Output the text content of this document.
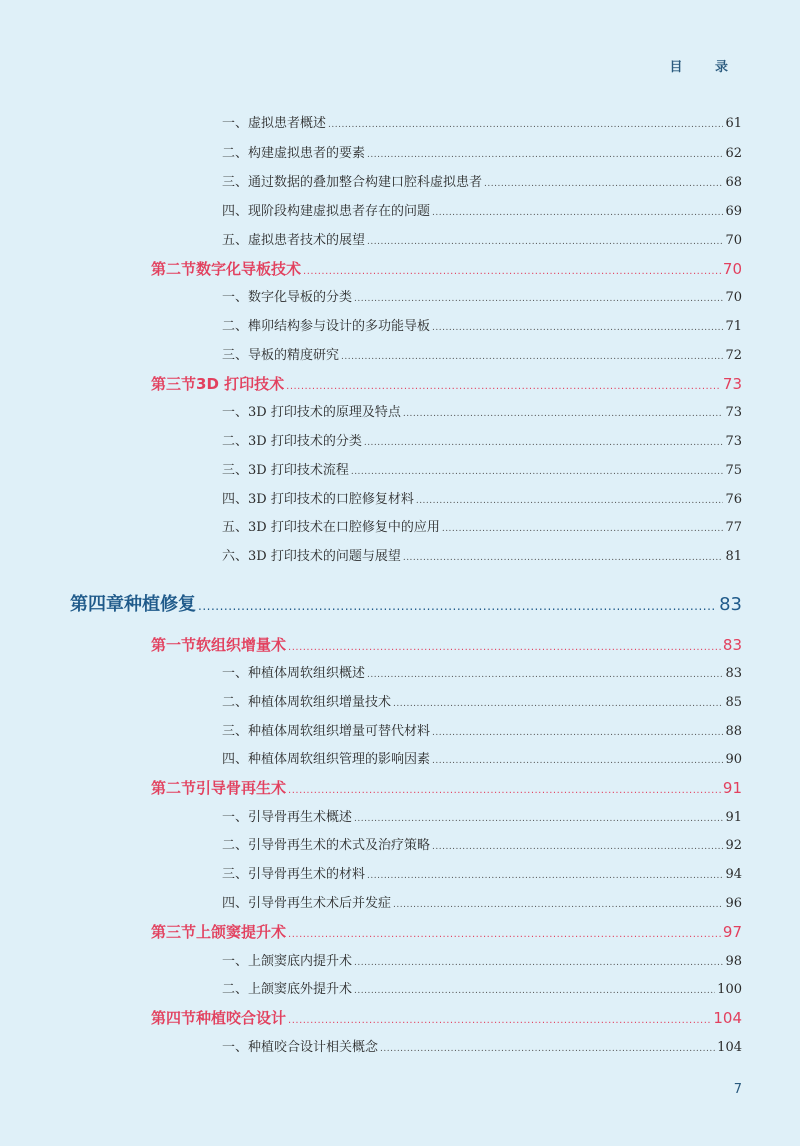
目 录
一、虚拟患者概述 .....	61
二、构建虚拟患者的要素 .....	62
三、通过数据的叠加整合构建口腔科虚拟患者 .....	68
四、现阶段构建虚拟患者存在的问题 .....	69
五、虚拟患者技术的展望 .....	70
第二节 数字化导板技术 .....	70
一、数字化导板的分类 .....	70
二、榫卯结构参与设计的多功能导板 .....	71
三、导板的精度研究 .....	72
第三节 3D 打印技术 .....	73
一、3D 打印技术的原理及特点 .....	73
二、3D 打印技术的分类 .....	73
三、3D 打印技术流程 .....	75
四、3D 打印技术的口腔修复材料 .....	76
五、3D 打印技术在口腔修复中的应用 .....	77
六、3D 打印技术的问题与展望 .....	81
第四章 种植修复 .....	83
第一节 软组织增量术 .....	83
一、种植体周软组织概述 .....	83
二、种植体周软组织增量技术 .....	85
三、种植体周软组织增量可替代材料 .....	88
四、种植体周软组织管理的影响因素 .....	90
第二节 引导骨再生术 .....	91
一、引导骨再生术概述 .....	91
二、引导骨再生术的术式及治疗策略 .....	92
三、引导骨再生术的材料 .....	94
四、引导骨再生术术后并发症 .....	96
第三节 上颌窦提升术 .....	97
一、上颌窦底内提升术 .....	98
二、上颌窦底外提升术 .....	100
第四节 种植咬合设计 .....	104
一、种植咬合设计相关概念 .....	104
7
